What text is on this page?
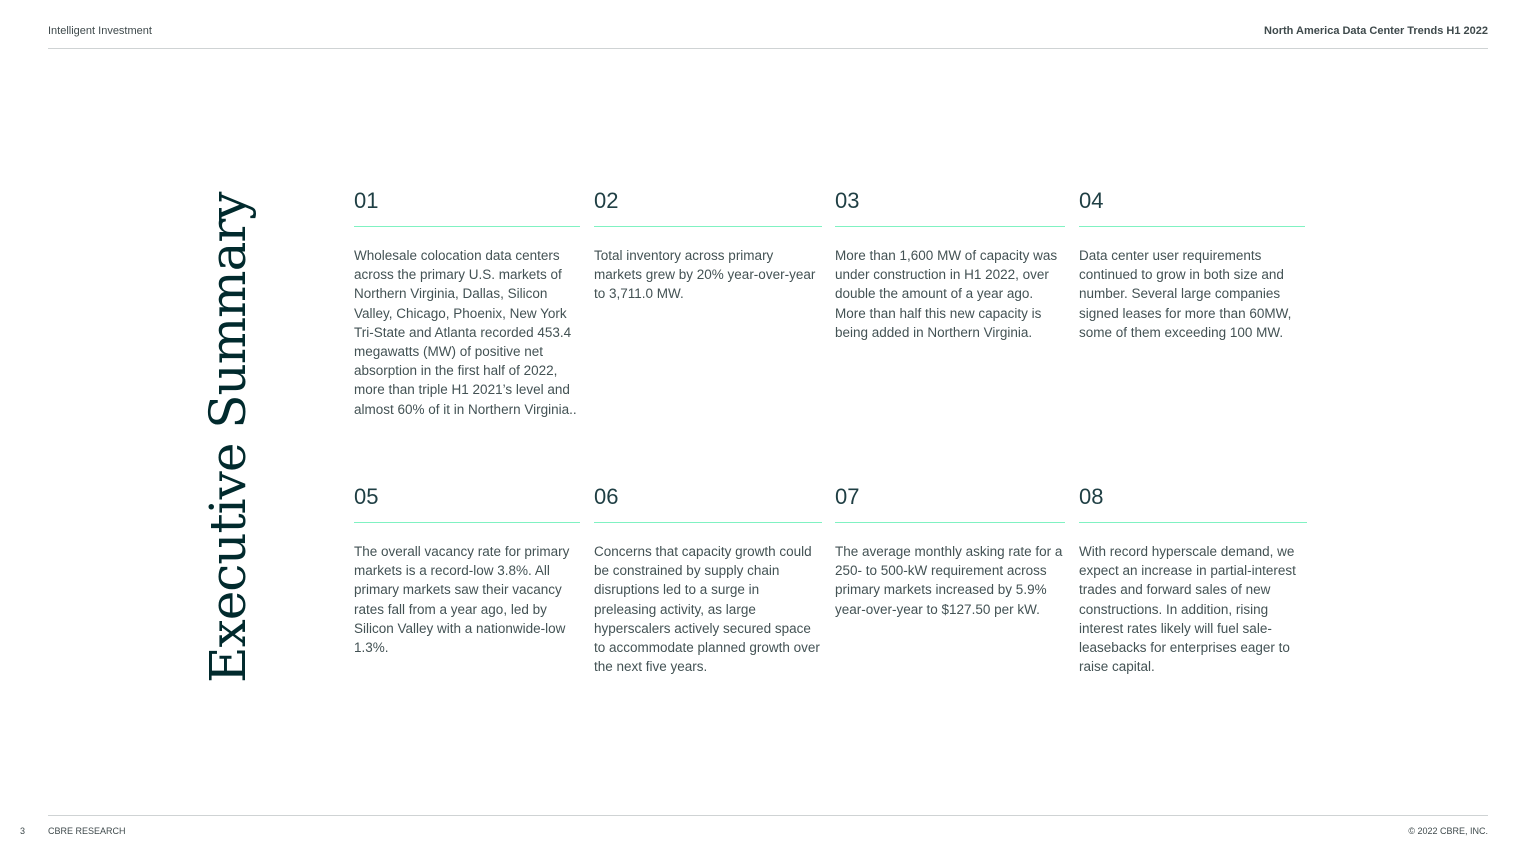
Intelligent Investment	North America Data Center Trends H1 2022
Executive Summary	01
Wholesale colocation data centers across the primary U.S. markets of Northern Virginia, Dallas, Silicon Valley, Chicago, Phoenix, New York Tri-State and Atlanta recorded 453.4 megawatts (MW) of positive net absorption in the first half of 2022, more than triple H1 2021’s level and almost 60% of it in Northern Virginia..
02
Total inventory across primary markets grew by 20% year-over-year to 3,711.0 MW.
03
More than 1,600 MW of capacity was under construction in H1 2022, over double the amount of a year ago. More than half this new capacity is being added in Northern Virginia.
04
Data center user requirements continued to grow in both size and number. Several large companies signed leases for more than 60MW, some of them exceeding 100 MW.
05
The overall vacancy rate for primary markets is a record-low 3.8%. All primary markets saw their vacancy rates fall from a year ago, led by Silicon Valley with a nationwide-low 1.3%.
06
Concerns that capacity growth could be constrained by supply chain disruptions led to a surge in preleasing activity, as large hyperscalers actively secured space to accommodate planned growth over the next five years.
07
The average monthly asking rate for a 250- to 500-kW requirement across primary markets increased by 5.9% year-over-year to $127.50 per kW.
08
With record hyperscale demand, we expect an increase in partial-interest trades and forward sales of new constructions. In addition, rising interest rates likely will fuel sale-leasebacks for enterprises eager to raise capital.
3	CBRE RESEARCH	© 2022 CBRE, INC.
